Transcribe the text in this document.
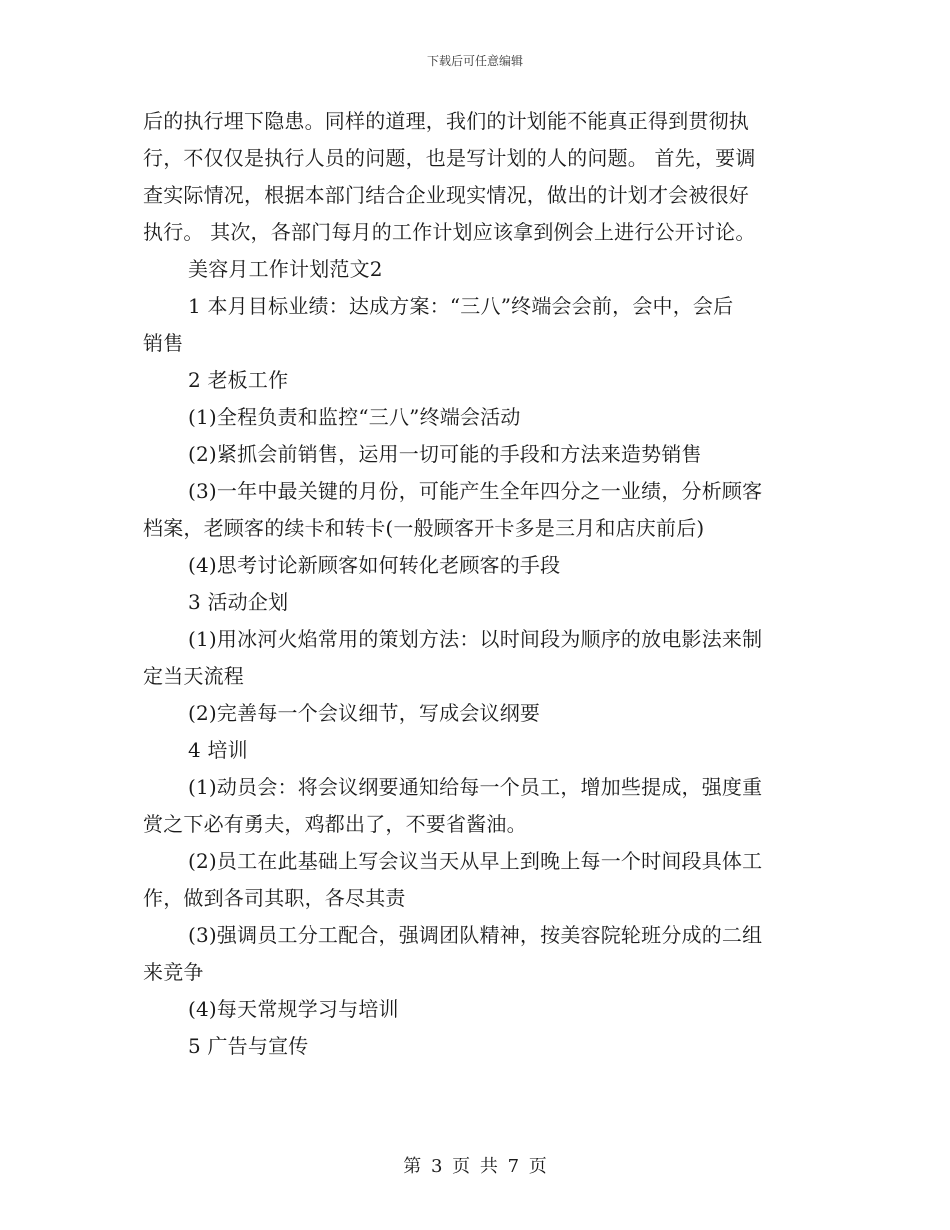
下载后可任意编辑
后的执行埋下隐患。同样的道理，我们的计划能不能真正得到贯彻执
行，不仅仅是执行人员的问题，也是写计划的人的问题。 首先，要调
查实际情况，根据本部门结合企业现实情况，做出的计划才会被很好
执行。 其次，各部门每月的工作计划应该拿到例会上进行公开讨论。
美容月工作计划范文2
1 本月目标业绩：达成方案：“三八”终端会会前，会中，会后
销售
2 老板工作
(1)全程负责和监控“三八”终端会活动
(2)紧抓会前销售，运用一切可能的手段和方法来造势销售
(3)一年中最关键的月份，可能产生全年四分之一业绩，分析顾客
档案，老顾客的续卡和转卡(一般顾客开卡多是三月和店庆前后)
(4)思考讨论新顾客如何转化老顾客的手段
3 活动企划
(1)用冰河火焰常用的策划方法：以时间段为顺序的放电影法来制
定当天流程
(2)完善每一个会议细节，写成会议纲要
4 培训
(1)动员会：将会议纲要通知给每一个员工，增加些提成，强度重
赏之下必有勇夫，鸡都出了，不要省酱油。
(2)员工在此基础上写会议当天从早上到晚上每一个时间段具体工
作，做到各司其职，各尽其责
(3)强调员工分工配合，强调团队精神，按美容院轮班分成的二组
来竞争
(4)每天常规学习与培训
5 广告与宣传
第 3 页 共 7 页
